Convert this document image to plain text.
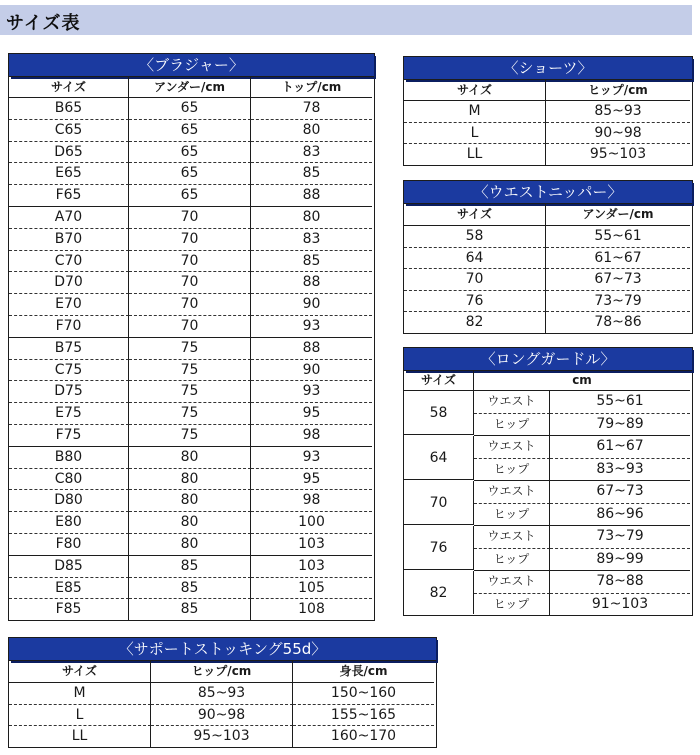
サイズ表
〈ブラジャー〉
サイズ	アンダー/cm	トップ/cm
B65	65	78
C65	65	80
D65	65	83
E65	65	85
F65	65	88
A70	70	80
B70	70	83
C70	70	85
D70	70	88
E70	70	90
F70	70	93
B75	75	88
C75	75	90
D75	75	93
E75	75	95
F75	75	98
B80	80	93
C80	80	95
D80	80	98
E80	80	100
F80	80	103
D85	85	103
E85	85	105
F85	85	108
〈ショーツ〉
サイズ	ヒップ/cm
M	85~93
L	90~98
LL	95~103
〈ウエストニッパー〉
サイズ	アンダー/cm
58	55~61
64	61~67
70	67~73
76	73~79
82	78~86
〈ロングガードル〉
サイズ	cm
58
ウエスト	55~61
ヒップ	79~89
64
ウエスト	61~67
ヒップ	83~93
70
ウエスト	67~73
ヒップ	86~96
76
ウエスト	73~79
ヒップ	89~99
82
ウエスト	78~88
ヒップ	91~103
〈サポートストッキング55d〉
サイズ	ヒップ/cm	身長/cm
M	85~93	150~160
L	90~98	155~165
LL	95~103	160~170
